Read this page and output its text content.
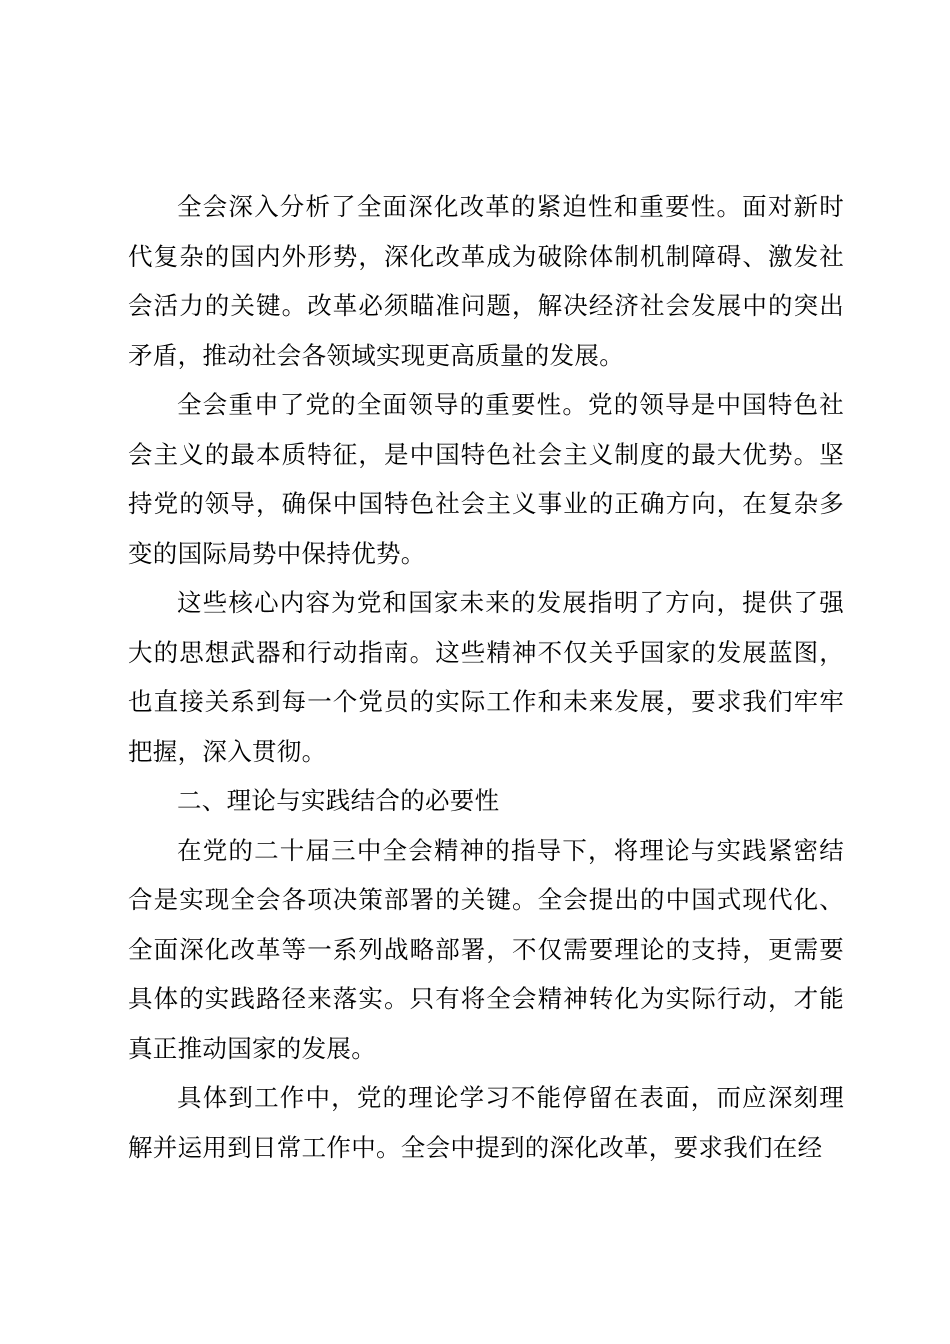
全会深入分析了全面深化改革的紧迫性和重要性。面对新时代复杂的国内外形势，深化改革成为破除体制机制障碍、激发社会活力的关键。改革必须瞄准问题，解决经济社会发展中的突出矛盾，推动社会各领域实现更高质量的发展。

全会重申了党的全面领导的重要性。党的领导是中国特色社会主义的最本质特征，是中国特色社会主义制度的最大优势。坚持党的领导，确保中国特色社会主义事业的正确方向，在复杂多变的国际局势中保持优势。

这些核心内容为党和国家未来的发展指明了方向，提供了强大的思想武器和行动指南。这些精神不仅关乎国家的发展蓝图，也直接关系到每一个党员的实际工作和未来发展，要求我们牢牢把握，深入贯彻。

二、理论与实践结合的必要性

在党的二十届三中全会精神的指导下，将理论与实践紧密结合是实现全会各项决策部署的关键。全会提出的中国式现代化、全面深化改革等一系列战略部署，不仅需要理论的支持，更需要具体的实践路径来落实。只有将全会精神转化为实际行动，才能真正推动国家的发展。

具体到工作中，党的理论学习不能停留在表面，而应深刻理解并运用到日常工作中。全会中提到的深化改革，要求我们在经
